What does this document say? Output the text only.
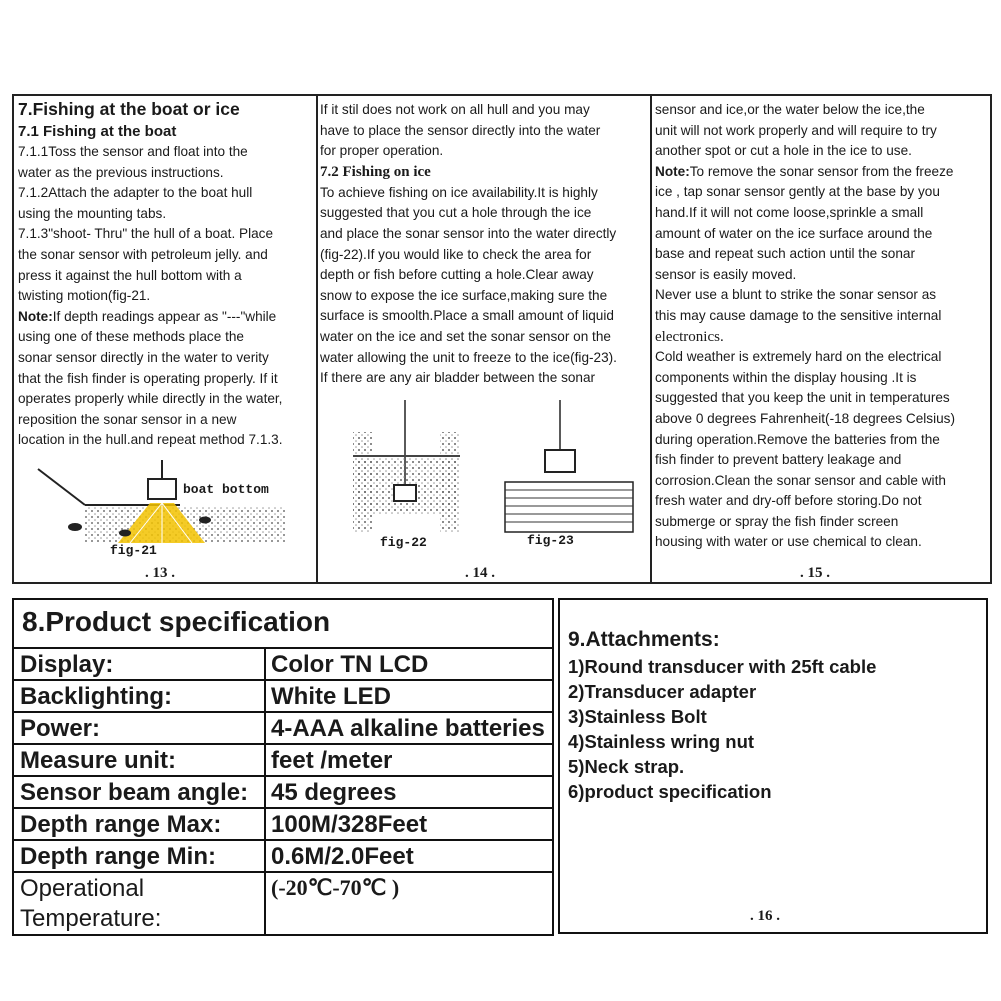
7.Fishing at the boat or ice

7.1 Fishing at the boat

7.1.1Toss the sensor and float into the

water as the previous instructions.

7.1.2Attach the adapter to the boat hull

using the mounting tabs.

7.1.3"shoot- Thru" the hull of a boat. Place

the sonar sensor with petroleum jelly. and

press it against the hull bottom with a

twisting motion(fig-21.

Note:If depth readings appear as "---"while

using one of these methods place the

sonar sensor directly in the water to verity

that the fish finder is operating properly. If it

operates properly while directly in the water,

reposition the sonar sensor in a new

location in the hull.and repeat method 7.1.3.

boat bottom
fig-21
. 13 .

If it stil does not work on all hull and you may

have to place the sensor directly into the water

for proper operation.

7.2 Fishing on ice

To achieve fishing on ice availability.It is highly

suggested that you cut a hole through the ice

and place the sonar sensor into the water directly

(fig-22).If you would like to check the area for

depth or fish before cutting a hole.Clear away

snow to expose the ice surface,making sure the

surface is smoolth.Place a small amount of liquid

water on the ice and set the sonar sensor on the

water allowing the unit to freeze to the ice(fig-23).

If there are any air bladder between the sonar

fig-22	fig-23
. 14 .

sensor and ice,or the water below the ice,the

unit will not work properly and will require to try

another spot or cut a hole in the ice to use.

Note:To remove the sonar sensor from the freeze

ice , tap sonar sensor gently at the base by you

hand.If it will not come loose,sprinkle a small

amount of water on the ice surface around the

base and repeat such action until the sonar

sensor is easily moved.

Never use a blunt to strike the sonar sensor as

this may cause damage to the sensitive internal

electronics.

Cold weather is extremely hard on the electrical

components within the display housing .It is

suggested that you keep the unit in temperatures

above 0 degrees Fahrenheit(-18 degrees Celsius)

during operation.Remove the batteries from the

fish finder to prevent battery leakage and

corrosion.Clean the sonar sensor and cable with

fresh water and dry-off before storing.Do not

submerge or spray the fish finder screen

housing with water or use chemical to clean.

. 15 .
8.Product specification
Display:	Color TN LCD
Backlighting:	White LED
Power:	4-AAA alkaline batteries
Measure unit:	feet /meter
Sensor beam angle: 45 degrees
Depth range Max: 100M/328Feet
Depth range Min: 0.6M/2.0Feet
Operational
Temperature:
(-20℃-70℃ )
9.Attachments:
1)Round transducer with 25ft cable
2)Transducer adapter
3)Stainless Bolt
4)Stainless wring nut
5)Neck strap.
6)product specification
. 16 .
